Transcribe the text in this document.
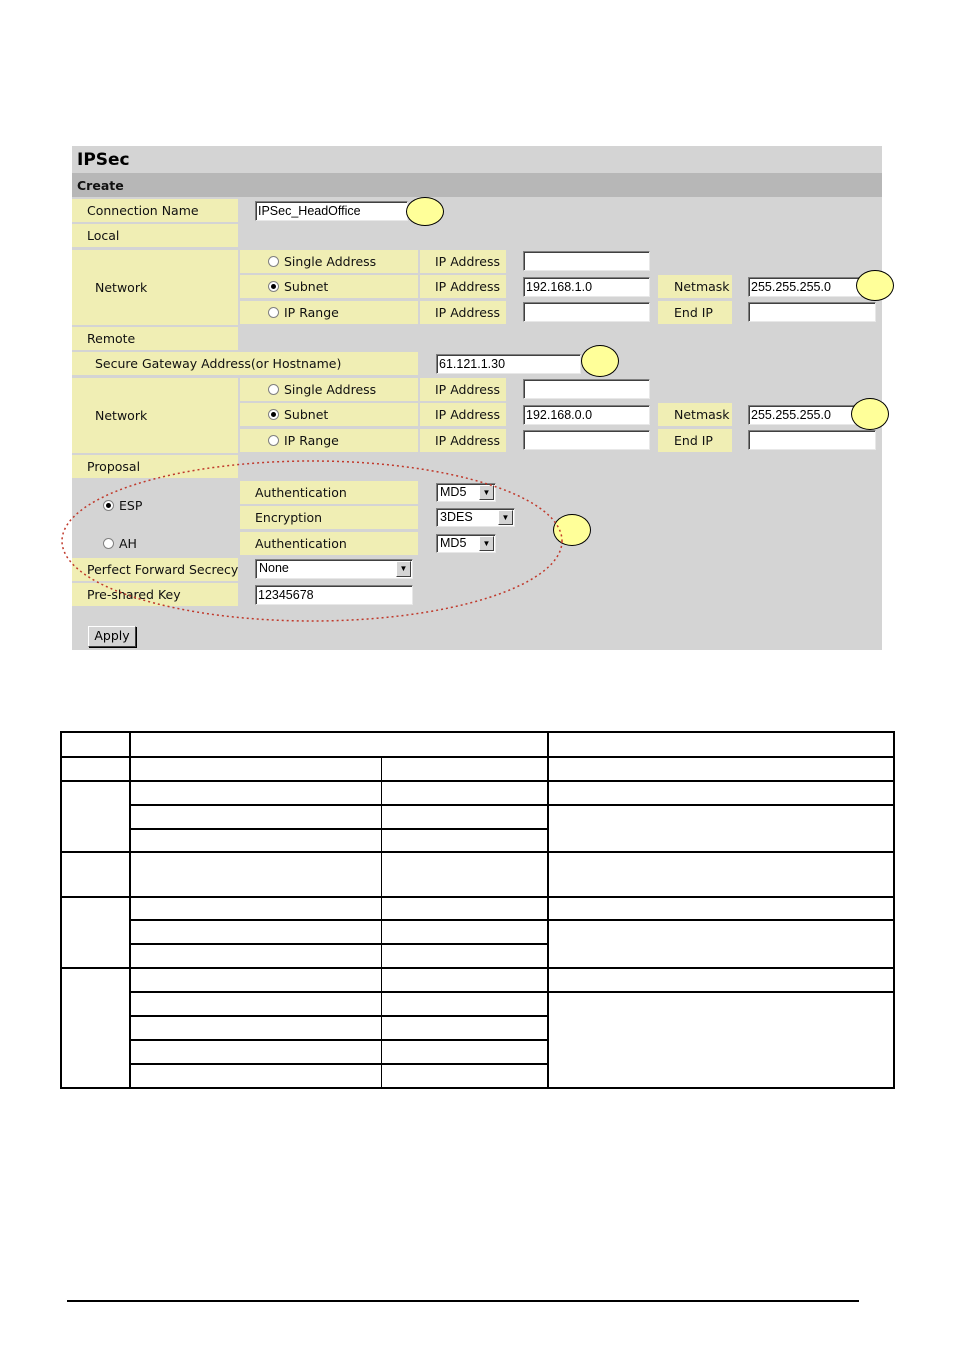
IPSec
Create
Connection Name	IPSec_HeadOffice
Local
Network
Single Address	IP Address
Subnet	IP Address	192.168.1.0	Netmask 255.255.255.0
IP Range	IP Address	End IP
Remote
Secure Gateway Address(or Hostname)	61.121.1.30
Network
Single Address	IP Address
Subnet	IP Address	192.168.0.0	Netmask 255.255.255.0
IP Range	IP Address	End IP
Proposal
ESP
Authentication	MD5	▼
Encryption	3DES	▼
AH	Authentication	MD5	▼
Perfect Forward Secrecy	None	▼
Pre-shared Key	12345678
Apply
